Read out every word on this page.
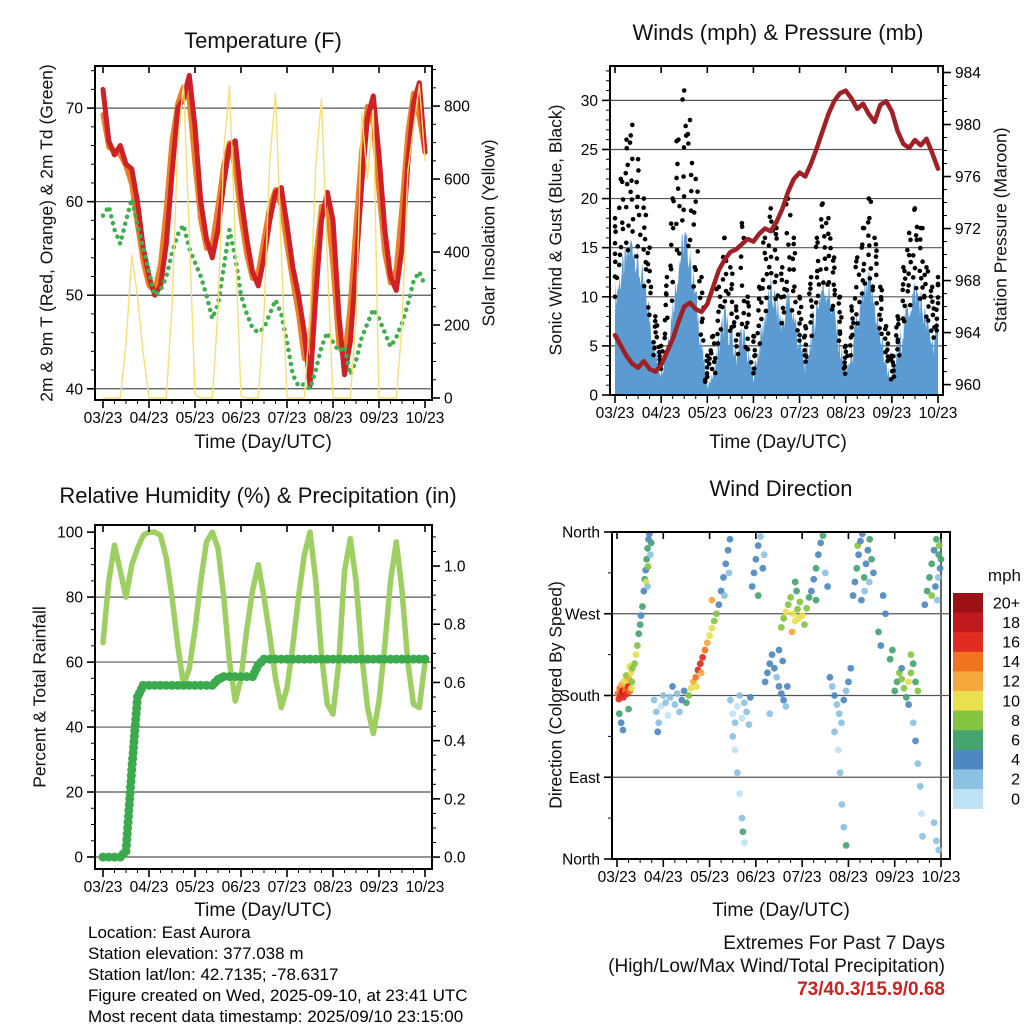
03/23 04/23 05/23 06/23 07/23 08/23 09/23 10/23
40
50
60
70
0
200
400
600
800
03/23 04/23 05/23 06/23 07/23 08/23 09/23 10/23
0
5
10
15
20
25
30
960
964
968
972
976
980
984
03/23 04/23 05/23 06/23 07/23 08/23 09/23 10/23
0
20
40
60
80
100
0.0
0.2
0.4
0.6
0.8
1.0
03/23 04/23 05/23 06/23 07/23 08/23 09/23 10/23
North
West
South
East
North
20+
18
16
14
12
10
8
6
4
2
0
Temperature (F)	Winds (mph) & Pressure (mb)
Relative Humidity (%) & Precipitation (in)	Wind Direction
Time (Day/UTC)	Time (Day/UTC)
Time (Day/UTC)	Time (Day/UTC)
2m & 9m T (Red, Orange) & 2m Td (Green)	Solar Insolation (Yellow)	Sonic Wind & Gust (Blue, Black)	Station Pressure (Maroon)
Percent & Total Rainfall	Direction (Colored By Speed)
mph
Location: East Aurora
Station elevation: 377.038 m
Station lat/lon: 42.7135; -78.6317
Figure created on Wed, 2025-09-10, at 23:41 UTC
Most recent data timestamp: 2025/09/10 23:15:00
Extremes For Past 7 Days
(High/Low/Max Wind/Total Precipitation)
73/40.3/15.9/0.68
